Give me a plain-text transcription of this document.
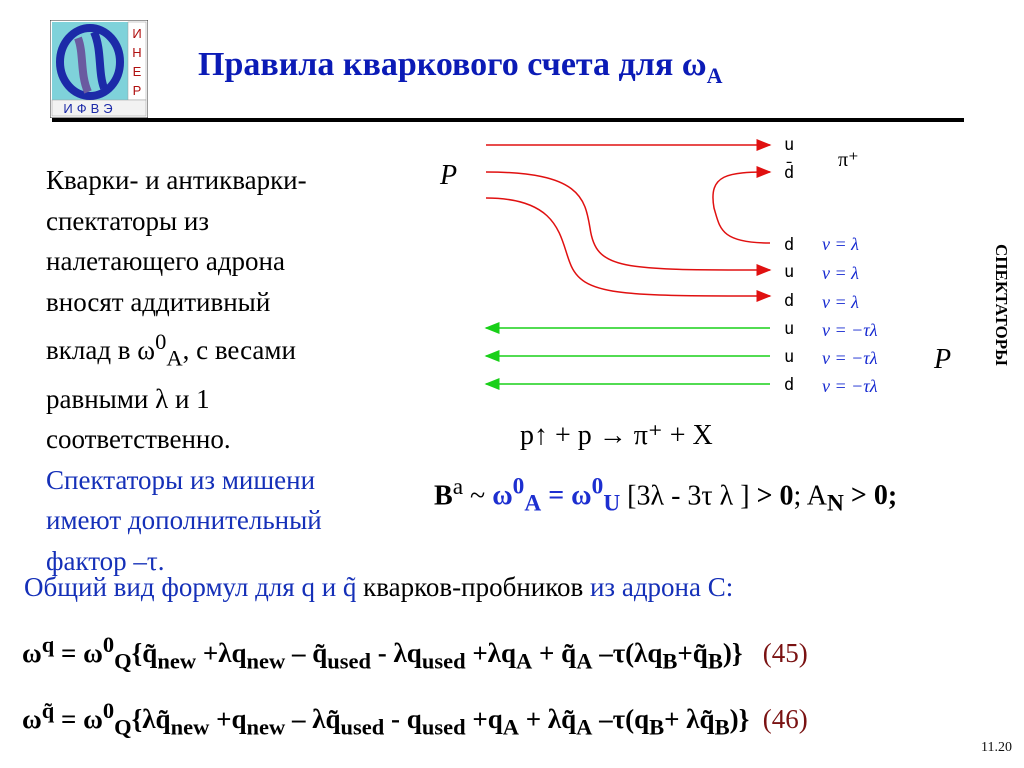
И
Н
Е
Р
ИФВЭ
Правила кваркового счета для $\omega_A$
Кварки- и антикварки-
спектаторы из
налетающего адрона
вносят аддитивный
вклад в $\omega^0_A$, с весами
равными λ и 1
соответственно.
Спектаторы из мишени
имеют дополнительный
фактор –τ.
P
P
π⁺
u
d̄
d
u
d
u
u
d
ν = λ
ν = λ
ν = λ
ν = −τλ
ν = −τλ
ν = −τλ
СПЕКТАТОРЫ
p↑ + p → π⁺ + X
$B^a$ ~ $\omega^0_A = \omega^0_U$ [3λ - 3τ λ ] > 0; $A_N > 0$;
Общий вид формул для q и q̃ кварков-пробников из адрона С:
$\omega^q$ = $\omega^0_Q\{q̃_{new} +\lambda q_{new}$ – $q̃_{used} - \lambda q_{used} +\lambda q_A$ + $q̃_A$ $-\tau(\lambda q_B+q̃_B)$} (45)
$\omega^{q̃}$ = $\omega^0_Q\{\lambda q̃_{new} +q_{new}$ – $\lambda q̃_{used} - q_{used} +q_A$ + $\lambda q̃_A$ $-\tau(q_B+$ $\lambda q̃_B$)} (46)
11.20
